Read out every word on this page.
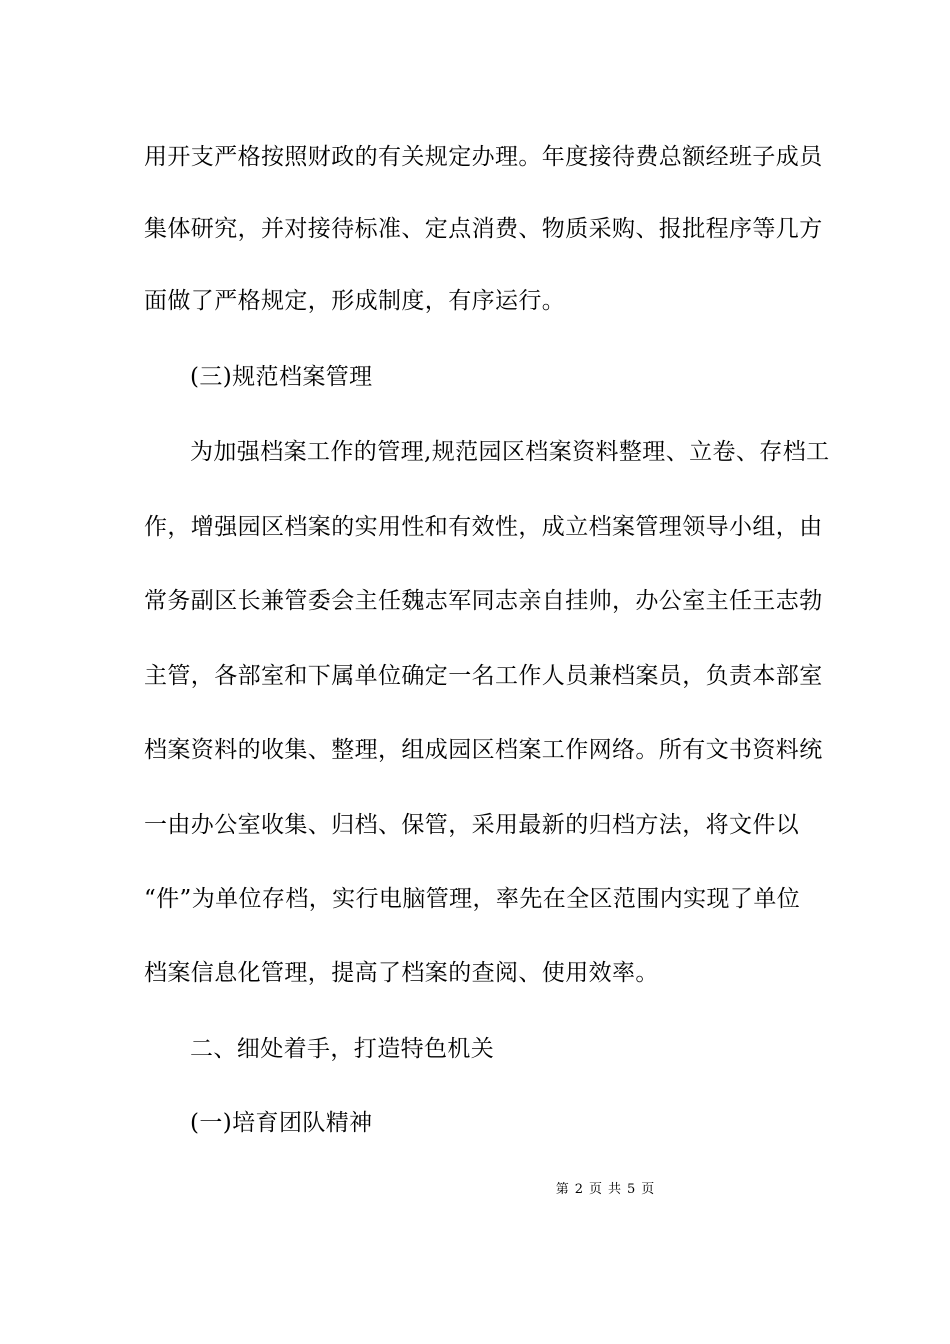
用开支严格按照财政的有关规定办理。年度接待费总额经班子成员
集体研究，并对接待标准、定点消费、物质采购、报批程序等几方
面做了严格规定，形成制度，有序运行。
(三)规范档案管理
为加强档案工作的管理,规范园区档案资料整理、立卷、存档工
作，增强园区档案的实用性和有效性，成立档案管理领导小组，由
常务副区长兼管委会主任魏志军同志亲自挂帅，办公室主任王志勃
主管，各部室和下属单位确定一名工作人员兼档案员，负责本部室
档案资料的收集、整理，组成园区档案工作网络。所有文书资料统
一由办公室收集、归档、保管，采用最新的归档方法，将文件以
“件”为单位存档，实行电脑管理，率先在全区范围内实现了单位
档案信息化管理，提高了档案的查阅、使用效率。
二、细处着手，打造特色机关
(一)培育团队精神
第 2 页 共 5 页
